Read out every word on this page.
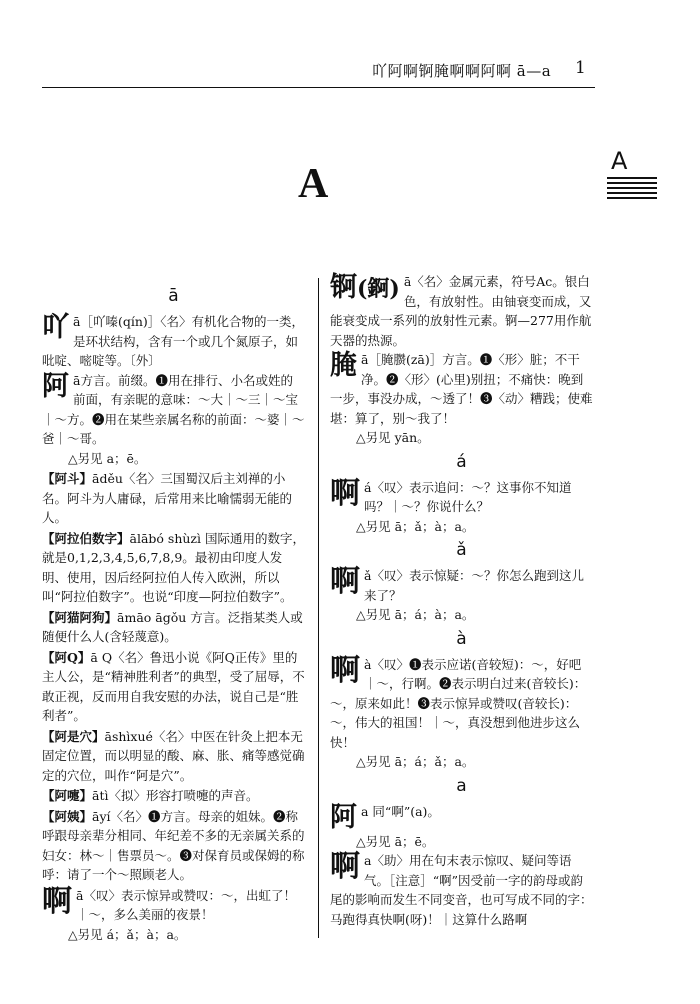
吖阿啊锕腌啊啊阿啊 ā—a 1
A
A
ā
吖 ā［吖嗪(qín)］〈名〉有机化合物的一类，是环状结构，含有一个或几个氮原子，如吡啶、嘧啶等。〔外〕
阿 ā方言。前缀。❶用在排行、小名或姓的前面，有亲昵的意味：～大｜～三｜～宝｜～方。❷用在某些亲属名称的前面：～婆｜～爸｜～哥。
△另见 a；ē。
【阿斗】āděu〈名〉三国蜀汉后主刘禅的小名。阿斗为人庸碌，后常用来比喻懦弱无能的人。
【阿拉伯数字】ālābó shùzì 国际通用的数字，就是0,1,2,3,4,5,6,7,8,9。最初由印度人发明、使用，因后经阿拉伯人传入欧洲，所以叫“阿拉伯数字”。也说“印度—阿拉伯数字”。
【阿猫阿狗】āmāo āgǒu 方言。泛指某类人或随便什么人(含轻蔑意)。
【阿Q】ā Q〈名〉鲁迅小说《阿Q正传》里的主人公，是“精神胜利者”的典型，受了屈辱，不敢正视，反而用自我安慰的办法，说自己是“胜利者”。
【阿是穴】āshìxué〈名〉中医在针灸上把本无固定位置，而以明显的酸、麻、胀、痛等感觉确定的穴位，叫作“阿是穴”。
【阿嚏】ātì〈拟〉形容打喷嚏的声音。
【阿姨】āyí〈名〉❶方言。母亲的姐妹。❷称呼跟母亲辈分相同、年纪差不多的无亲属关系的妇女：林～｜售票员～。❸对保育员或保姆的称呼：请了一个～照顾老人。
啊 ā〈叹〉表示惊异或赞叹：～，出虹了！｜～，多么美丽的夜景！
△另见 á；ǎ；à；a。
锕(錒) ā〈名〉金属元素，符号Ac。银白色，有放射性。由铀衰变而成，又能衰变成一系列的放射性元素。锕—277用作航天器的热源。
腌 ā［腌臜(zā)］方言。❶〈形〉脏；不干净。❷〈形〉(心里)别扭；不痛快：晚到一步，事没办成，～透了！❸〈动〉糟践；使难堪：算了，别～我了！
△另见 yān。
á
啊 á〈叹〉表示追问：～？这事你不知道吗？｜～？你说什么？
△另见 ā；ǎ；à；a。
ǎ
啊 ǎ〈叹〉表示惊疑：～？你怎么跑到这儿来了？
△另见 ā；á；à；a。
à
啊 à〈叹〉❶表示应诺(音较短)：～，好吧｜～，行啊。❷表示明白过来(音较长)：～，原来如此！❸表示惊异或赞叹(音较长)：～，伟大的祖国！｜～，真没想到他进步这么快！
△另见 ā；á；ǎ；a。
a
阿 a 同“啊”(a)。
△另见 ā；ē。
啊 a〈助〉用在句末表示惊叹、疑问等语气。［注意］“啊”因受前一字的韵母或韵尾的影响而发生不同变音，也可写成不同的字：马跑得真快啊(呀)！｜这算什么路啊
